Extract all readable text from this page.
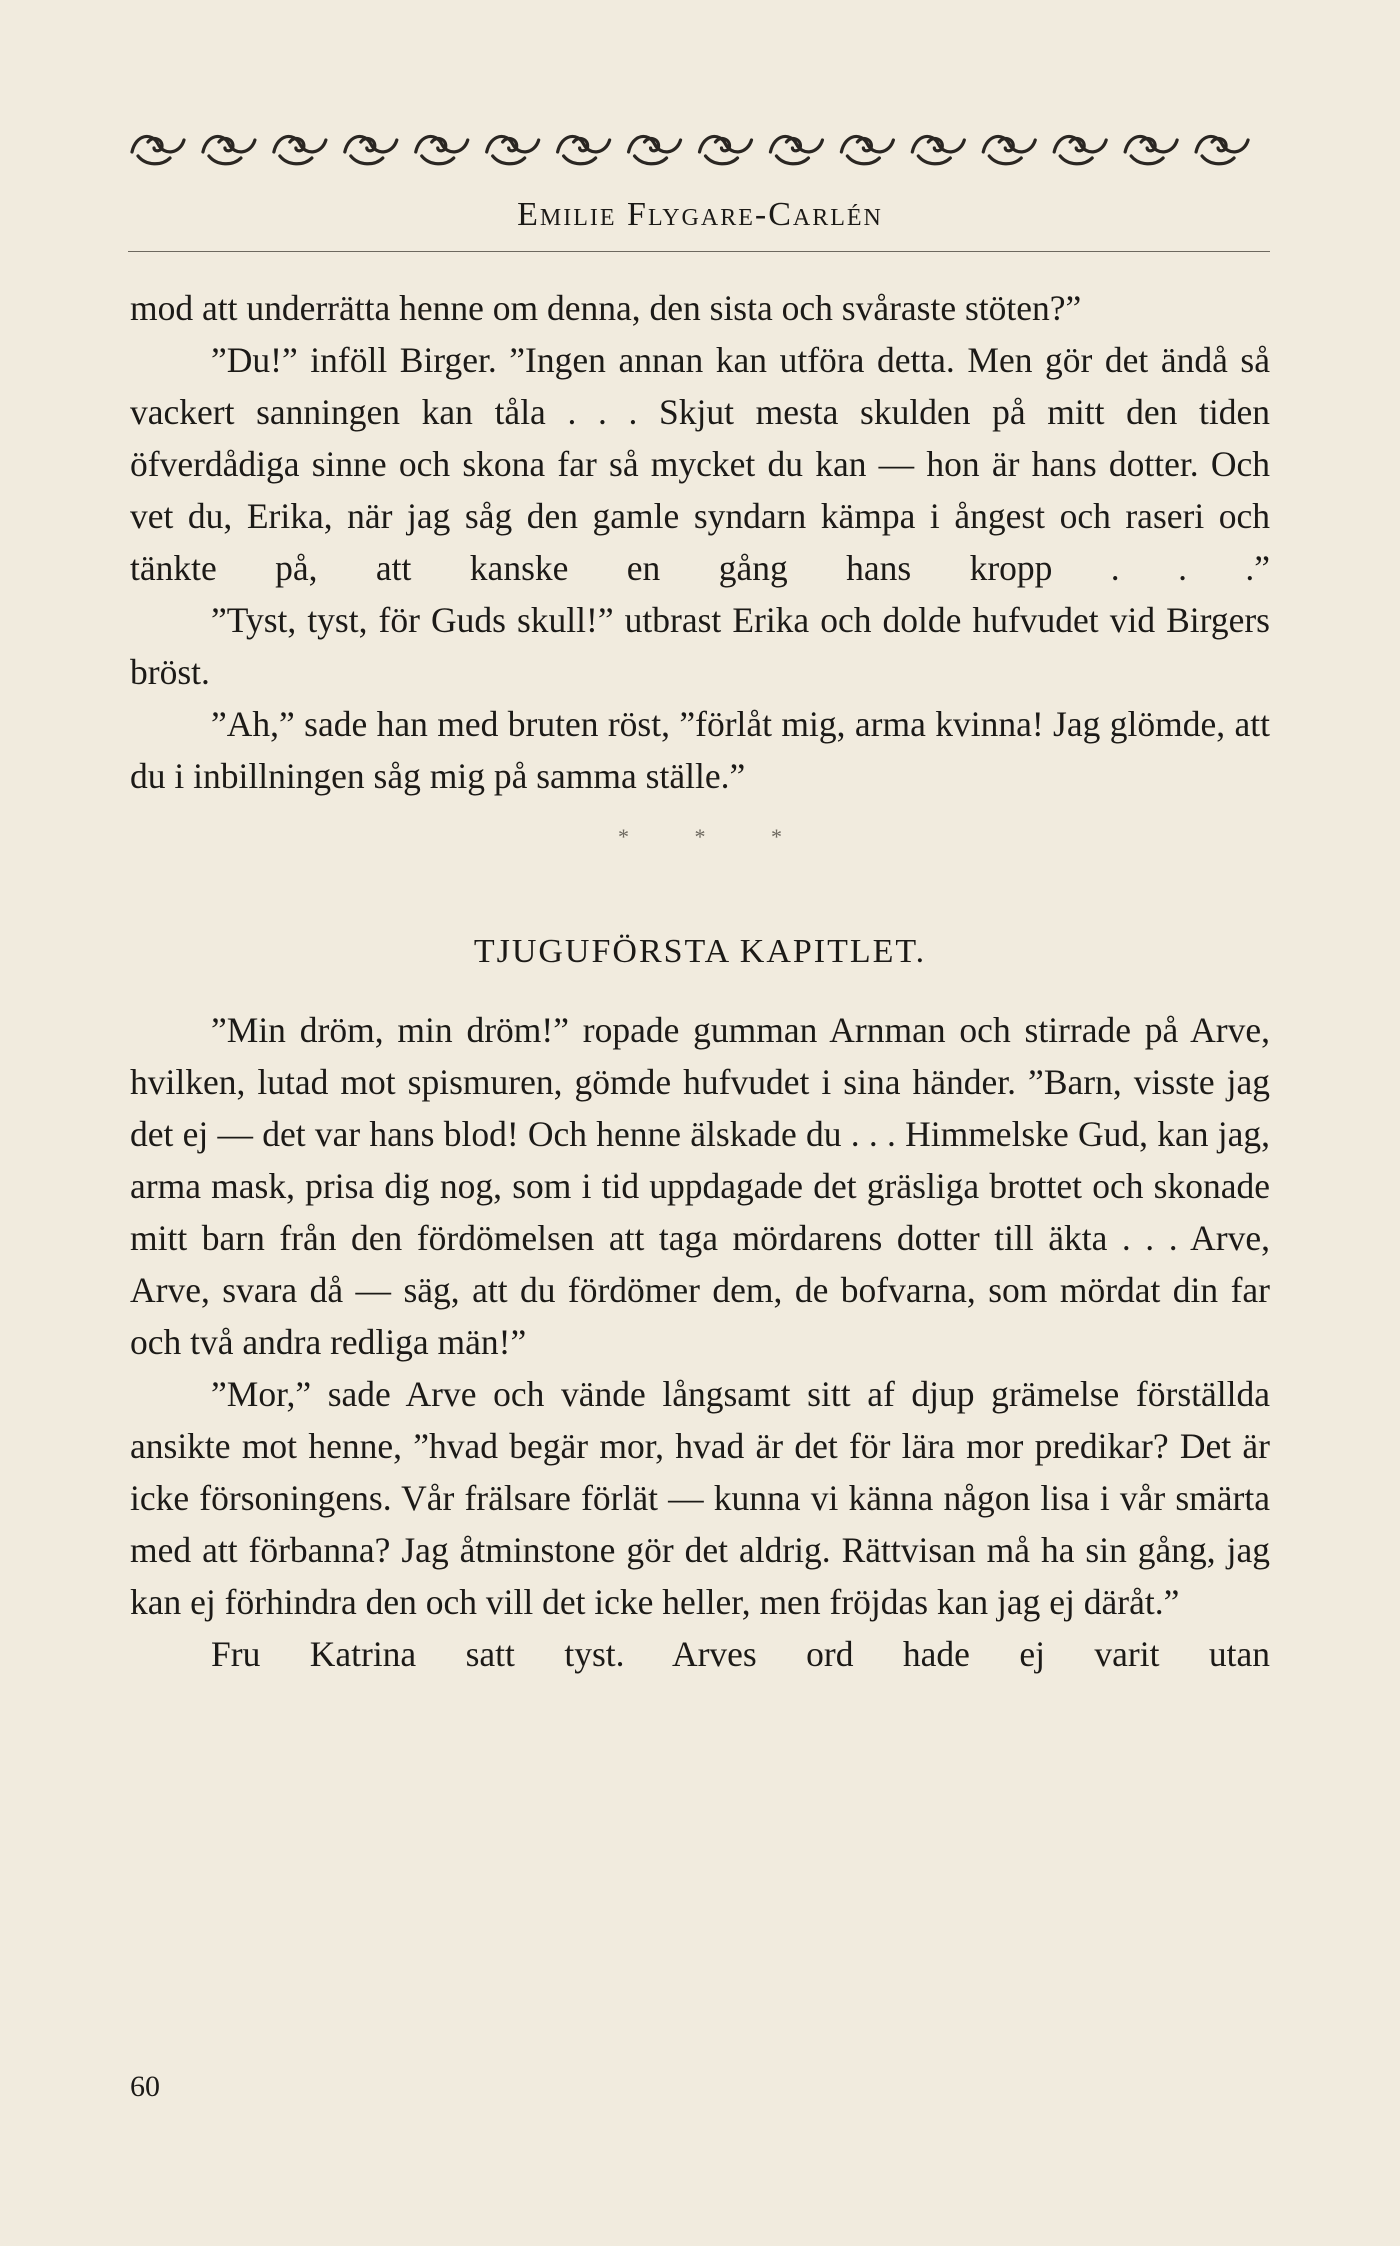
Emilie Flygare-Carlén

mod att underrätta henne om denna, den sista och svåraste stöten?”

”Du!” inföll Birger. ”Ingen annan kan utföra detta. Men gör det ändå så vackert sanningen kan tåla . . . Skjut mesta skulden på mitt den tiden öfverdådiga sinne och skona far så mycket du kan — hon är hans dotter. Och vet du, Erika, när jag såg den gamle syndarn kämpa i ångest och raseri och tänkte på, att kanske en gång hans kropp . . .”

”Tyst, tyst, för Guds skull!” utbrast Erika och dolde hufvudet vid Birgers bröst.

”Ah,” sade han med bruten röst, ”förlåt mig, arma kvinna! Jag glömde, att du i inbillningen såg mig på samma ställe.”

* * *
TJUGUFÖRSTA KAPITLET.

”Min dröm, min dröm!” ropade gumman Arnman och stirrade på Arve, hvilken, lutad mot spismuren, gömde hufvudet i sina händer. ”Barn, visste jag det ej — det var hans blod! Och henne älskade du . . . Himmelske Gud, kan jag, arma mask, prisa dig nog, som i tid uppdagade det gräsliga brottet och skonade mitt barn från den fördömelsen att taga mördarens dotter till äkta . . . Arve, Arve, svara då — säg, att du fördömer dem, de bofvarna, som mördat din far och två andra redliga män!”

”Mor,” sade Arve och vände långsamt sitt af djup grämelse förställda ansikte mot henne, ”hvad begär mor, hvad är det för lära mor predikar? Det är icke försoningens. Vår frälsare förlät — kunna vi känna någon lisa i vår smärta med att förbanna? Jag åtminstone gör det aldrig. Rättvisan må ha sin gång, jag kan ej förhindra den och vill det icke heller, men fröjdas kan jag ej däråt.”

Fru Katrina satt tyst. Arves ord hade ej varit utan

60
